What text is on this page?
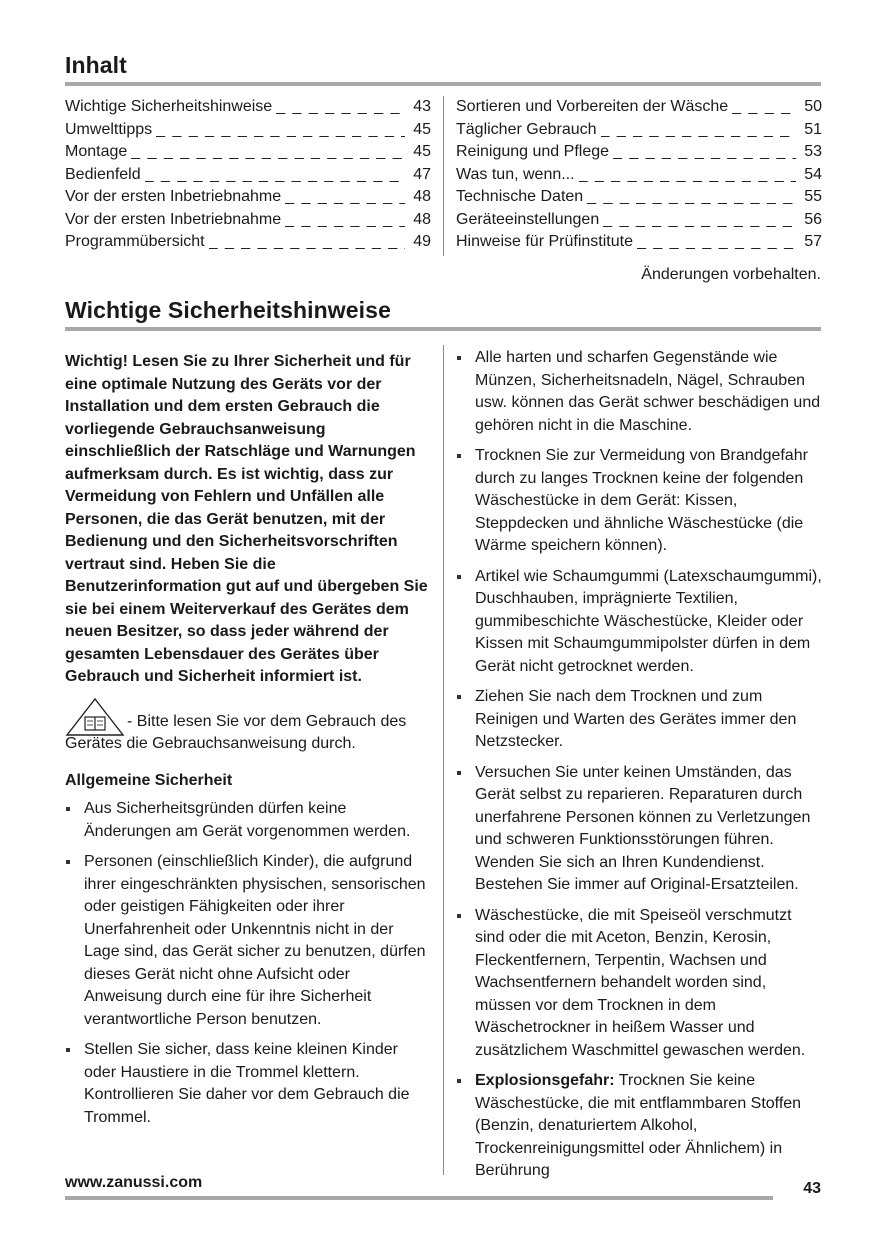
Inhalt
Wichtige Sicherheitshinweise _ _ _	43
Umwelttipps _ _ _	45
Montage _ _ _	45
Bedienfeld _ _ _	47
Vor der ersten Inbetriebnahme _ _ _	48
Vor der ersten Inbetriebnahme _ _ _	48
Programmübersicht _ _ _	49
Sortieren und Vorbereiten der Wäsche _ _ _	50
Täglicher Gebrauch _ _ _	51
Reinigung und Pflege _ _ _	53
Was tun, wenn... _ _ _	54
Technische Daten _ _ _	55
Geräteeinstellungen _ _ _	56
Hinweise für Prüfinstitute _ _ _	57
Änderungen vorbehalten.
Wichtige Sicherheitshinweise
Wichtig! Lesen Sie zu Ihrer Sicherheit und für eine optimale Nutzung des Geräts vor der Installation und dem ersten Gebrauch die vorliegende Gebrauchsanweisung einschließlich der Ratschläge und Warnungen aufmerksam durch. Es ist wichtig, dass zur Vermeidung von Fehlern und Unfällen alle Personen, die das Gerät benutzen, mit der Bedienung und den Sicherheitsvorschriften vertraut sind. Heben Sie die Benutzerinformation gut auf und übergeben Sie sie bei einem Weiterverkauf des Gerätes dem neuen Besitzer, so dass jeder während der gesamten Lebensdauer des Gerätes über Gebrauch und Sicherheit informiert ist.
- Bitte lesen Sie vor dem Gebrauch des Gerätes die Gebrauchsanweisung durch.
Allgemeine Sicherheit
Aus Sicherheitsgründen dürfen keine Änderungen am Gerät vorgenommen werden.
Personen (einschließlich Kinder), die aufgrund ihrer eingeschränkten physischen, sensorischen oder geistigen Fähigkeiten oder ihrer Unerfahrenheit oder Unkenntnis nicht in der Lage sind, das Gerät sicher zu benutzen, dürfen dieses Gerät nicht ohne Aufsicht oder Anweisung durch eine für ihre Sicherheit verantwortliche Person benutzen.
Stellen Sie sicher, dass keine kleinen Kinder oder Haustiere in die Trommel klettern. Kontrollieren Sie daher vor dem Gebrauch die Trommel.
Alle harten und scharfen Gegenstände wie Münzen, Sicherheitsnadeln, Nägel, Schrauben usw. können das Gerät schwer beschädigen und gehören nicht in die Maschine.
Trocknen Sie zur Vermeidung von Brandgefahr durch zu langes Trocknen keine der folgenden Wäschestücke in dem Gerät: Kissen, Steppdecken und ähnliche Wäschestücke (die Wärme speichern können).
Artikel wie Schaumgummi (Latexschaumgummi), Duschhauben, imprägnierte Textilien, gummibeschichte Wäschestücke, Kleider oder Kissen mit Schaumgummipolster dürfen in dem Gerät nicht getrocknet werden.
Ziehen Sie nach dem Trocknen und zum Reinigen und Warten des Gerätes immer den Netzstecker.
Versuchen Sie unter keinen Umständen, das Gerät selbst zu reparieren. Reparaturen durch unerfahrene Personen können zu Verletzungen und schweren Funktionsstörungen führen. Wenden Sie sich an Ihren Kundendienst. Bestehen Sie immer auf Original-Ersatzteilen.
Wäschestücke, die mit Speiseöl verschmutzt sind oder die mit Aceton, Benzin, Kerosin, Fleckentfernern, Terpentin, Wachsen und Wachsentfernern behandelt worden sind, müssen vor dem Trocknen in dem Wäschetrockner in heißem Wasser und zusätzlichem Waschmittel gewaschen werden.
Explosionsgefahr: Trocknen Sie keine Wäschestücke, die mit entflammbaren Stoffen (Benzin, denaturiertem Alkohol, Trockenreinigungsmittel oder Ähnlichem) in Berührung
www.zanussi.com	43
